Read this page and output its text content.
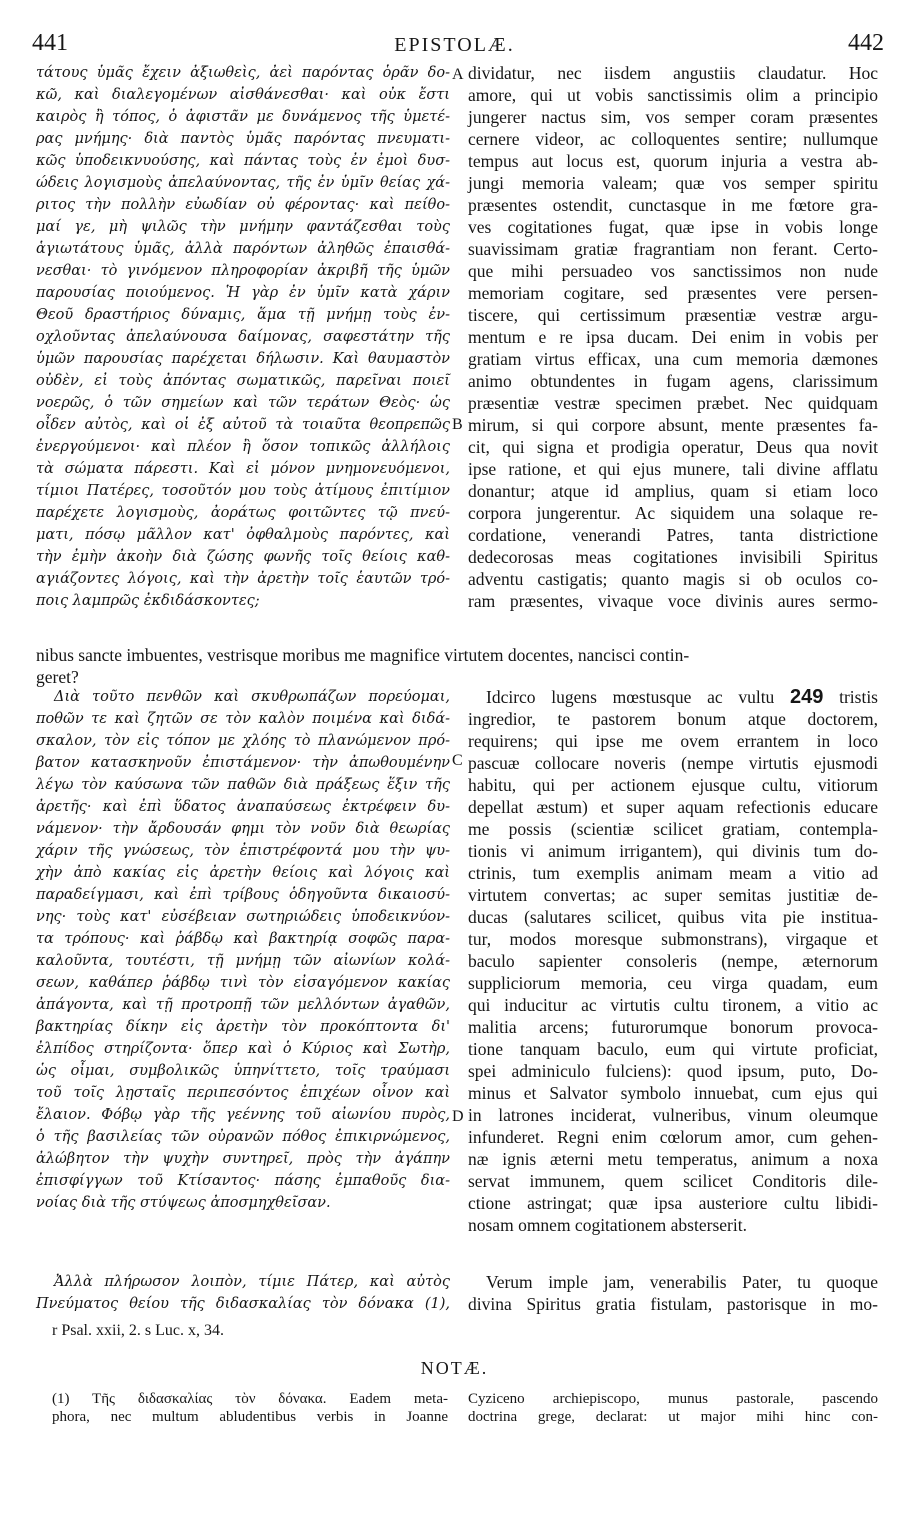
441	EPISTOLÆ.	442
τάτους ὑμᾶς ἔχειν ἀξιωθεὶς, ἀεὶ παρόντας ὁρᾶν δο-
κῶ, καὶ διαλεγομένων αἰσθάνεσθαι· καὶ οὐκ ἔστι
καιρὸς ἢ τόπος, ὁ ἀφιστᾶν με δυνάμενος τῆς ὑμετέ-
ρας μνήμης· διὰ παντὸς ὑμᾶς παρόντας πνευματι-
κῶς ὑποδεικνυούσης, καὶ πάντας τοὺς ἐν ἐμοὶ δυσ-
ώδεις λογισμοὺς ἀπελαύνοντας, τῆς ἐν ὑμῖν θείας χά-
ριτος τὴν πολλὴν εὐωδίαν οὐ φέροντας· καὶ πείθο-
μαί γε, μὴ ψιλῶς τὴν μνήμην φαντάζεσθαι τοὺς
ἁγιωτάτους ὑμᾶς, ἀλλὰ παρόντων ἀληθῶς ἐπαισθά-
νεσθαι· τὸ γινόμενον πληροφορίαν ἀκριβῆ τῆς ὑμῶν
παρουσίας ποιούμενος. Ἡ γὰρ ἐν ὑμῖν κατὰ χάριν
Θεοῦ δραστήριος δύναμις, ἅμα τῇ μνήμῃ τοὺς ἐν-
οχλοῦντας ἀπελαύνουσα δαίμονας, σαφεστάτην τῆς
ὑμῶν παρουσίας παρέχεται δήλωσιν. Καὶ θαυμαστὸν
οὐδὲν, εἰ τοὺς ἀπόντας σωματικῶς, παρεῖναι ποιεῖ
νοερῶς, ὁ τῶν σημείων καὶ τῶν τεράτων Θεὸς· ὡς
οἶδεν αὐτὸς, καὶ οἱ ἐξ αὐτοῦ τὰ τοιαῦτα θεοπρεπῶς
ἐνεργούμενοι· καὶ πλέον ἢ ὅσον τοπικῶς ἀλλήλοις
τὰ σώματα πάρεστι. Καὶ εἰ μόνον μνημονευόμενοι,
τίμιοι Πατέρες, τοσοῦτόν μου τοὺς ἀτίμους ἐπιτίμιον
παρέχετε λογισμοὺς, ἀοράτως φοιτῶντες τῷ πνεύ-
ματι, πόσῳ μᾶλλον κατ' ὀφθαλμοὺς παρόντες, καὶ
τὴν ἐμὴν ἀκοὴν διὰ ζώσης φωνῆς τοῖς θείοις καθ-
αγιάζοντες λόγοις, καὶ τὴν ἀρετὴν τοῖς ἑαυτῶν τρό-
ποις λαμπρῶς ἐκδιδάσκοντες;
dividatur, nec iisdem angustiis claudatur. Hoc
amore, qui ut vobis sanctissimis olim a principio
jungerer nactus sim, vos semper coram præsentes
cernere videor, ac colloquentes sentire; nullumque
tempus aut locus est, quorum injuria a vestra ab-
jungi memoria valeam; quæ vos semper spiritu
præsentes ostendit, cunctasque in me fœtore gra-
ves cogitationes fugat, quæ ipse in vobis longe
suavissimam gratiæ fragrantiam non ferant. Certo-
que mihi persuadeo vos sanctissimos non nude
memoriam cogitare, sed præsentes vere persen-
tiscere, qui certissimum præsentiæ vestræ argu-
mentum e re ipsa ducam. Dei enim in vobis per
gratiam virtus efficax, una cum memoria dæmones
animo obtundentes in fugam agens, clarissimum
præsentiæ vestræ specimen præbet. Nec quidquam
mirum, si qui corpore absunt, mente præsentes fa-
cit, qui signa et prodigia operatur, Deus qua novit
ipse ratione, et qui ejus munere, tali divine afflatu
donantur; atque id amplius, quam si etiam loco
corpora jungerentur. Ac siquidem una solaque re-
cordatione, venerandi Patres, tanta districtione
dedecorosas meas cogitationes invisibili Spiritus
adventu castigatis; quanto magis si ob oculos co-
ram præsentes, vivaque voce divinis aures sermo-
nibus sancte imbuentes, vestrisque moribus me magnifice virtutem docentes, nancisci contin-
geret?
Διὰ τοῦτο πενθῶν καὶ σκυθρωπάζων πορεύομαι,
ποθῶν τε καὶ ζητῶν σε τὸν καλὸν ποιμένα καὶ διδά-
σκαλον, τὸν εἰς τόπον με χλόης τὸ πλανώμενον πρό-
βατον κατασκηνοῦν ἐπιστάμενον· τὴν ἀπωθουμένην
λέγω τὸν καύσωνα τῶν παθῶν διὰ πράξεως ἕξιν τῆς
ἀρετῆς· καὶ ἐπὶ ὕδατος ἀναπαύσεως ἐκτρέφειν δυ-
νάμενον· τὴν ἄρδουσάν φημι τὸν νοῦν διὰ θεωρίας
χάριν τῆς γνώσεως, τὸν ἐπιστρέφοντά μου τὴν ψυ-
χὴν ἀπὸ κακίας εἰς ἀρετὴν θείοις καὶ λόγοις καὶ
παραδείγμασι, καὶ ἐπὶ τρίβους ὁδηγοῦντα δικαιοσύ-
νης· τοὺς κατ' εὐσέβειαν σωτηριώδεις ὑποδεικνύον-
τα τρόπους· καὶ ῥάβδῳ καὶ βακτηρίᾳ σοφῶς παρα-
καλοῦντα, τουτέστι, τῇ μνήμῃ τῶν αἰωνίων κολά-
σεων, καθάπερ ῥάβδῳ τινὶ τὸν εἰσαγόμενον κακίας
ἀπάγοντα, καὶ τῇ προτροπῇ τῶν μελλόντων ἀγαθῶν,
βακτηρίας δίκην εἰς ἀρετὴν τὸν προκόπτοντα δι'
ἐλπίδος στηρίζοντα· ὅπερ καὶ ὁ Κύριος καὶ Σωτὴρ,
ὡς οἶμαι, συμβολικῶς ὑπηνίττετο, τοῖς τραύμασι
τοῦ τοῖς λῃσταῖς περιπεσόντος ἐπιχέων οἶνον καὶ
ἔλαιον. Φόβῳ γὰρ τῆς γεέννης τοῦ αἰωνίου πυρὸς,
ὁ τῆς βασιλείας τῶν οὐρανῶν πόθος ἐπικιρνώμενος,
ἀλώβητον τὴν ψυχὴν συντηρεῖ, πρὸς τὴν ἀγάπην
ἐπισφίγγων τοῦ Κτίσαντος· πάσης ἐμπαθοῦς δια-
νοίας διὰ τῆς στύψεως ἀποσμηχθεῖσαν.
Idcirco lugens mœstusque ac vultu 249 tristis
ingredior, te pastorem bonum atque doctorem,
requirens; qui ipse me ovem errantem in loco
pascuæ collocare noveris (nempe virtutis ejusmodi
habitu, qui per actionem ejusque cultu, vitiorum
depellat æstum) et super aquam refectionis educare
me possis (scientiæ scilicet gratiam, contempla-
tionis vi animum irrigantem), qui divinis tum do-
ctrinis, tum exemplis animam meam a vitio ad
virtutem convertas; ac super semitas justitiæ de-
ducas (salutares scilicet, quibus vita pie institua-
tur, modos moresque submonstrans), virgaque et
baculo sapienter consoleris (nempe, æternorum
suppliciorum memoria, ceu virga quadam, eum
qui inducitur ac virtutis cultu tironem, a vitio ac
malitia arcens; futurorumque bonorum provoca-
tione tanquam baculo, eum qui virtute proficiat,
spei adminiculo fulciens): quod ipsum, puto, Do-
minus et Salvator symbolo innuebat, cum ejus qui
in latrones inciderat, vulneribus, vinum oleumque
infunderet. Regni enim cœlorum amor, cum gehen-
næ ignis æterni metu temperatus, animum a noxa
servat immunem, quem scilicet Conditoris dile-
ctione astringat; quæ ipsa austeriore cultu libidi-
nosam omnem cogitationem absterserit.
Ἀλλὰ πλήρωσον λοιπὸν, τίμιε Πάτερ, καὶ αὐτὸς
Πνεύματος θείου τῆς διδασκαλίας τὸν δόνακα (1),
Verum imple jam, venerabilis Pater, tu quoque
divina Spiritus gratia fistulam, pastorisque in mo-
A
B
C
D
r Psal. xxii, 2. s Luc. x, 34.
NOTÆ.
(1) Τῆς διδασκαλίας τὸν δόνακα. Eadem meta-
phora, nec multum abludentibus verbis in Joanne
Cyziceno archiepiscopo, munus pastorale, pascendo
doctrina grege, declarat: ut major mihi hinc con-
